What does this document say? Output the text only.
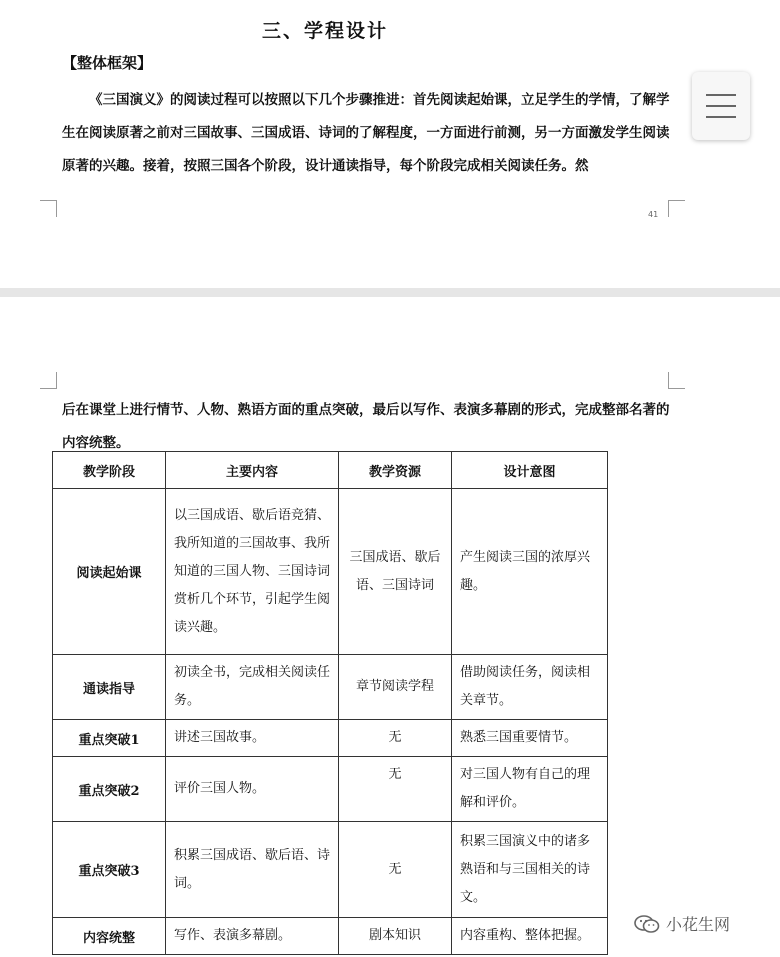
三、学程设计
【整体框架】

《三国演义》的阅读过程可以按照以下几个步骤推进：首先阅读起始课，立足学生的学情，了解学生在阅读原著之前对三国故事、三国成语、诗词的了解程度，一方面进行前测，另一方面激发学生阅读原著的兴趣。接着，按照三国各个阶段，设计通读指导，每个阶段完成相关阅读任务。然

41

后在课堂上进行情节、人物、熟语方面的重点突破，最后以写作、表演多幕剧的形式，完成整部名著的内容统整。

教学阶段	主要内容	教学资源	设计意图
阅读起始课	以三国成语、歇后语竞猜、我所知道的三国故事、我所知道的三国人物、三国诗词赏析几个环节，引起学生阅读兴趣。	三国成语、歇后语、三国诗词	产生阅读三国的浓厚兴趣。
通读指导	初读全书，完成相关阅读任务。	章节阅读学程	借助阅读任务，阅读相关章节。
重点突破1	讲述三国故事。	无	熟悉三国重要情节。
重点突破2	评价三国人物。	无	对三国人物有自己的理解和评价。
重点突破3	积累三国成语、歇后语、诗词。	无	积累三国演义中的诸多熟语和与三国相关的诗文。
内容统整	写作、表演多幕剧。	剧本知识	内容重构、整体把握。
小花生网
